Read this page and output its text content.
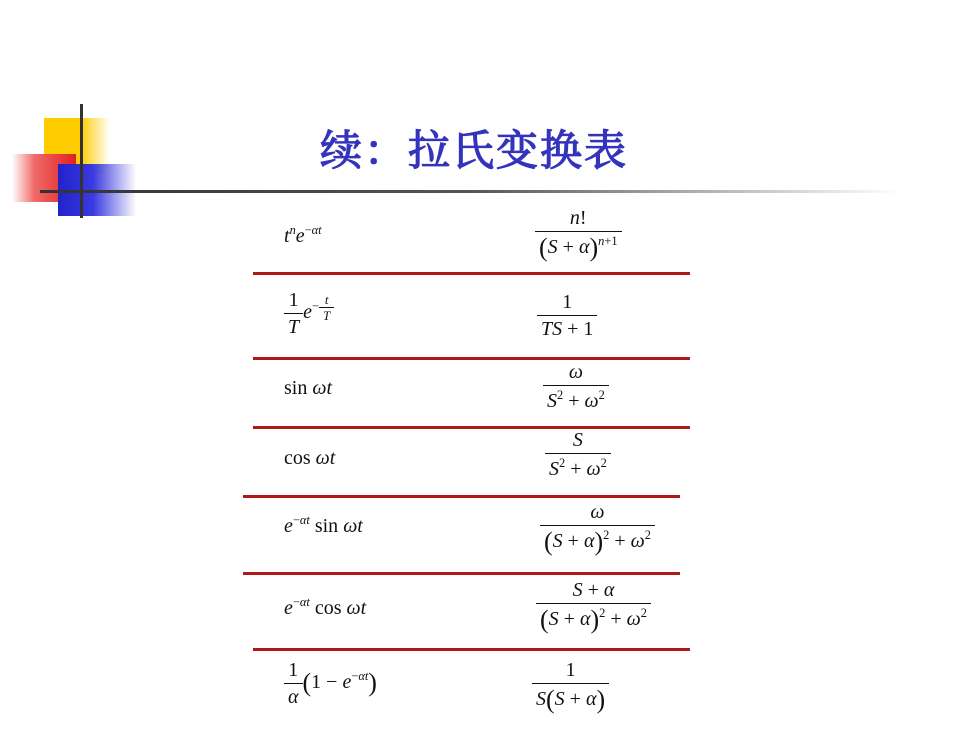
续：拉氏变换表
$t^ne^{-\alpha t}$	$\frac{n!}{(S + \alpha)^{n+1}}$
$\frac{1}{T} e^{- \frac{t}{T}}$	$\frac{1}{TS + 1}$
sin ωt	$\frac{\omega}{S^2 + \omega^2}$
cos ωt	$\frac{S}{S^2 + \omega^2}$
$e^{-\alpha t}$ sin ωt	$\frac{\omega}{(S + \alpha)^2 + \omega^2}$
$e^{-\alpha t}$ cos ωt	$\frac{S + \alpha}{(S + \alpha)^2 + \omega^2}$
$\frac{1}{\alpha} (1 - e^{-\alpha t})$	$\frac{1}{S(S + \alpha)}$
